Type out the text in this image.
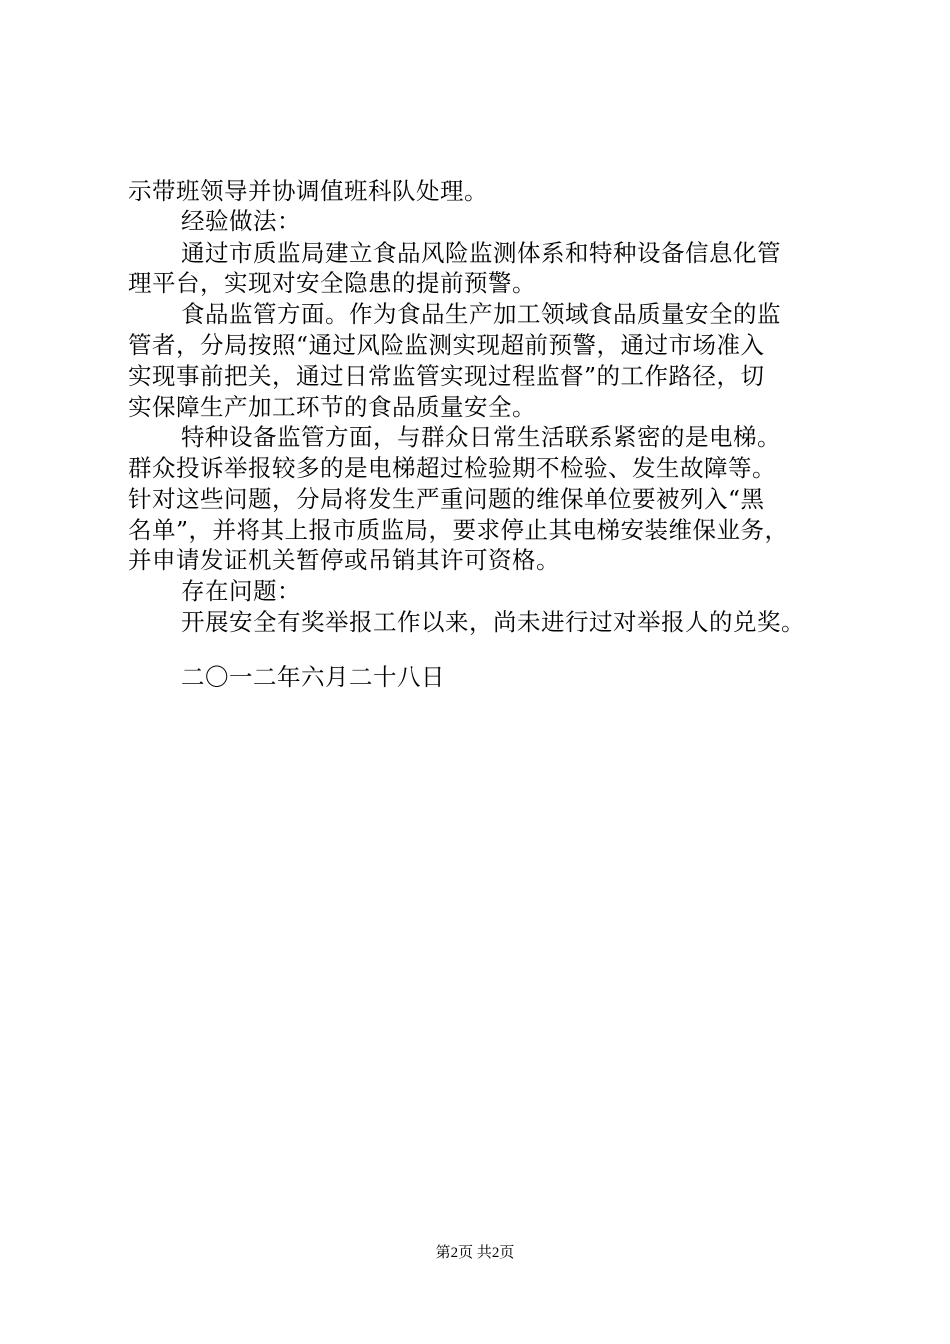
示带班领导并协调值班科队处理。
经验做法：
通过市质监局建立食品风险监测体系和特种设备信息化管
理平台，实现对安全隐患的提前预警。
食品监管方面。作为食品生产加工领域食品质量安全的监
管者，分局按照“通过风险监测实现超前预警，通过市场准入
实现事前把关，通过日常监管实现过程监督”的工作路径，切
实保障生产加工环节的食品质量安全。
特种设备监管方面，与群众日常生活联系紧密的是电梯。
群众投诉举报较多的是电梯超过检验期不检验、发生故障等。
针对这些问题，分局将发生严重问题的维保单位要被列入“黑
名单”，并将其上报市质监局，要求停止其电梯安装维保业务，
并申请发证机关暂停或吊销其许可资格。
存在问题：
开展安全有奖举报工作以来，尚未进行过对举报人的兑奖。
二〇一二年六月二十八日
第2页 共2页
